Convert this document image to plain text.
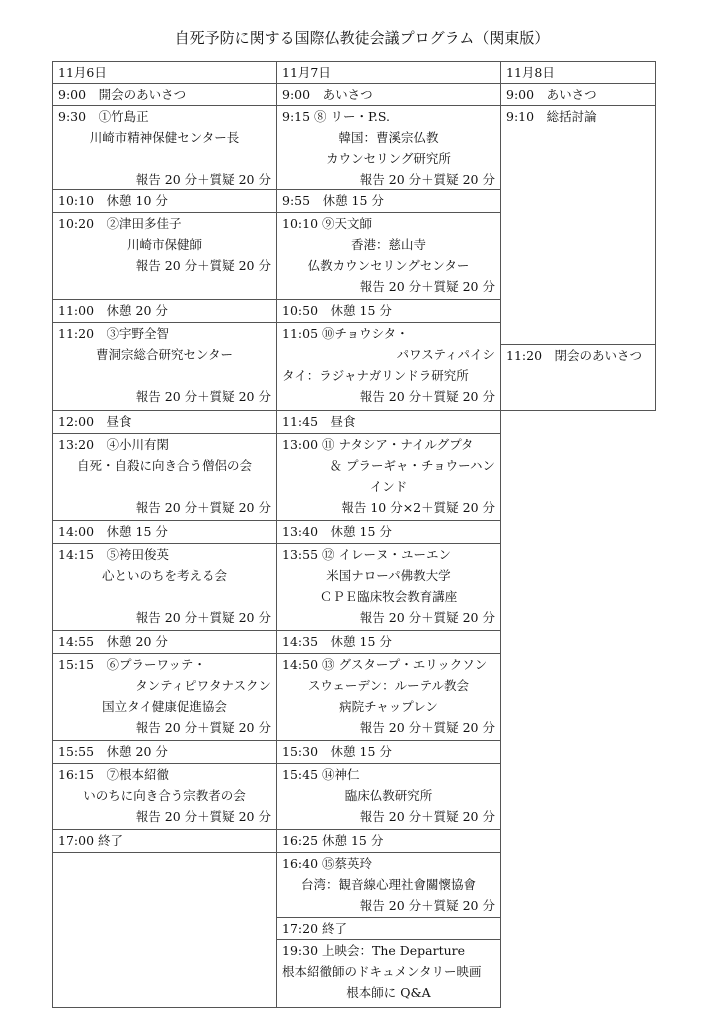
自死予防に関する国際仏教徒会議プログラム（関東版）
11月6日	11月7日	11月8日
9:00　開会のあいさつ
9:30　①竹島正
川崎市精神保健センター長
報告 20 分＋質疑 20 分
10:10　休憩 10 分
10:20　②津田多佳子
川崎市保健師
報告 20 分＋質疑 20 分
11:00　休憩 20 分
11:20　③宇野全智
曹洞宗総合研究センター
報告 20 分＋質疑 20 分
12:00　昼食
13:20　④小川有閑
自死・自殺に向き合う僧侶の会
報告 20 分＋質疑 20 分
14:00　休憩 15 分
14:15　⑤袴田俊英
心といのちを考える会
報告 20 分＋質疑 20 分
14:55　休憩 20 分
15:15　⑥プラーワッテ・
タンティピワタナスクン
国立タイ健康促進協会
報告 20 分＋質疑 20 分
15:55　休憩 20 分
16:15　⑦根本紹徹
いのちに向き合う宗教者の会
報告 20 分＋質疑 20 分
17:00 終了
9:00　あいさつ
9:15 ⑧ リー・P.S.
韓国：曹溪宗仏教
カウンセリング研究所
報告 20 分＋質疑 20 分
9:55　休憩 15 分
10:10 ⑨天文師
香港：慈山寺
仏教カウンセリングセンター
報告 20 分＋質疑 20 分
10:50　休憩 15 分
11:05 ⑩チョウシタ・
パワスティパイシ
タイ：ラジャナガリンドラ研究所
報告 20 分＋質疑 20 分
11:45　昼食
13:00 ⑪ ナタシア・ナイルグプタ
＆ プラーギャ・チョウーハン
インド
報告 10 分×2＋質疑 20 分
13:40　休憩 15 分
13:55 ⑫ イレーヌ・ユーエン
米国ナローパ佛教大学
ＣＰＥ臨床牧会教育講座
報告 20 分＋質疑 20 分
14:35　休憩 15 分
14:50 ⑬ グスタープ・エリックソン
スウェーデン：ルーテル教会
病院チャップレン
報告 20 分＋質疑 20 分
15:30　休憩 15 分
15:45 ⑭神仁
臨床仏教研究所
報告 20 分＋質疑 20 分
16:25 休憩 15 分
16:40 ⑮蔡英玲
台湾：観音線心理社會關懷協會
報告 20 分＋質疑 20 分
17:20 終了
19:30 上映会：The Departure
根本紹徹師のドキュメンタリー映画
根本師に Q&A
9:00　あいさつ
9:10　総括討論
11:20　閉会のあいさつ
